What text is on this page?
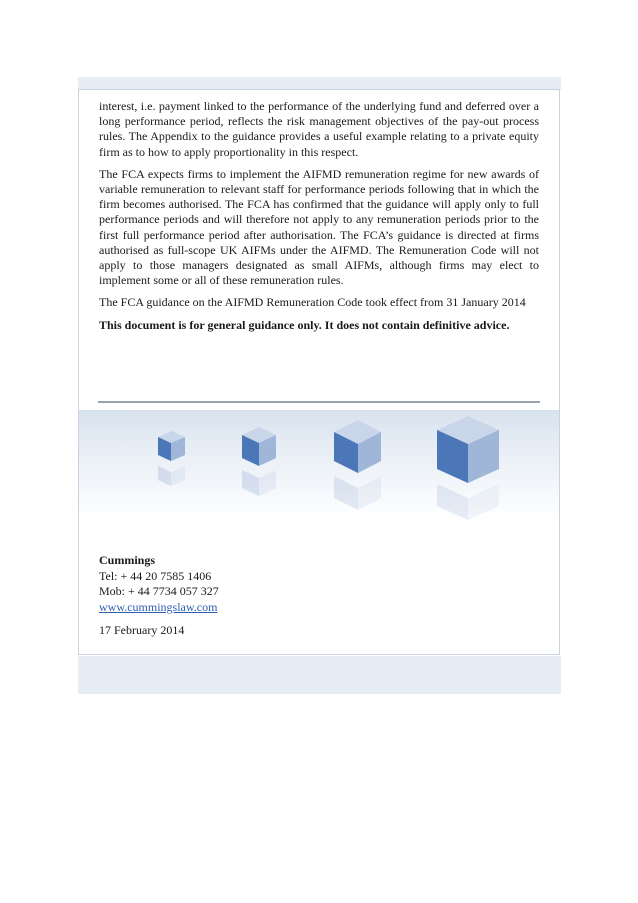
interest, i.e. payment linked to the performance of the underlying fund and deferred over a long performance period, reflects the risk management objectives of the pay-out process rules. The Appendix to the guidance provides a useful example relating to a private equity firm as to how to apply proportionality in this respect.

The FCA expects firms to implement the AIFMD remuneration regime for new awards of variable remuneration to relevant staff for performance periods following that in which the firm becomes authorised. The FCA has confirmed that the guidance will apply only to full performance periods and will therefore not apply to any remuneration periods prior to the first full performance period after authorisation. The FCA’s guidance is directed at firms authorised as full-scope UK AIFMs under the AIFMD. The Remuneration Code will not apply to those managers designated as small AIFMs, although firms may elect to implement some or all of these remuneration rules.

The FCA guidance on the AIFMD Remuneration Code took effect from 31 January 2014

This document is for general guidance only. It does not contain definitive advice.

Cummings
Tel: + 44 20 7585 1406
Mob: + 44 7734 057 327
www.cummingslaw.com
17 February 2014
